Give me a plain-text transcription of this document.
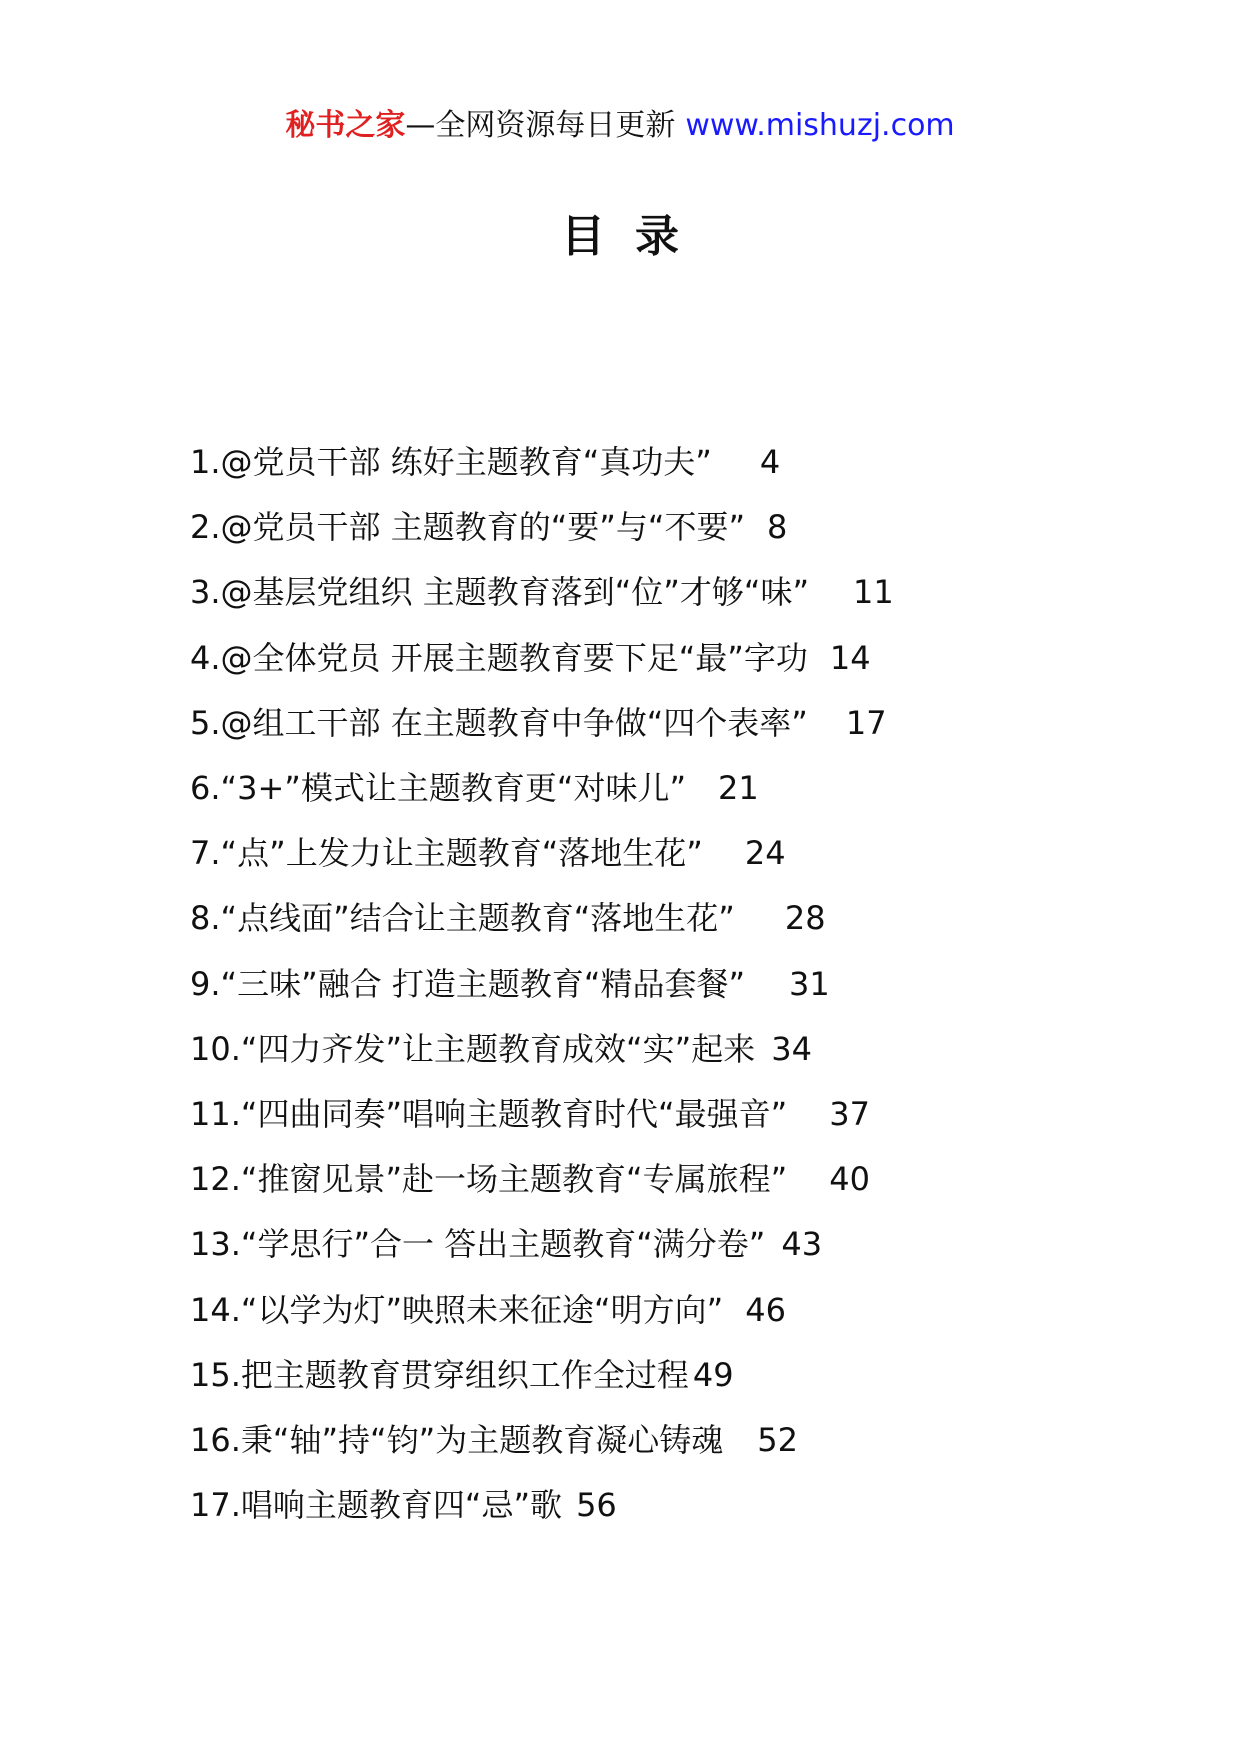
秘书之家—全网资源每日更新 www.mishuzj.com
目录
1.@党员干部 练好主题教育“真功夫” 4
2.@党员干部 主题教育的“要”与“不要” 8
3.@基层党组织 主题教育落到“位”才够“味” 11
4.@全体党员 开展主题教育要下足“最”字功 14
5.@组工干部 在主题教育中争做“四个表率” 17
6.“3+”模式让主题教育更“对味儿” 21
7.“点”上发力让主题教育“落地生花” 24
8.“点线面”结合让主题教育“落地生花” 28
9.“三味”融合 打造主题教育“精品套餐” 31
10.“四力齐发”让主题教育成效“实”起来 34
11.“四曲同奏”唱响主题教育时代“最强音” 37
12.“推窗见景”赴一场主题教育“专属旅程” 40
13.“学思行”合一 答出主题教育“满分卷” 43
14.“以学为灯”映照未来征途“明方向” 46
15.把主题教育贯穿组织工作全过程 49
16.秉“轴”持“钧”为主题教育凝心铸魂 52
17.唱响主题教育四“忌”歌 56
